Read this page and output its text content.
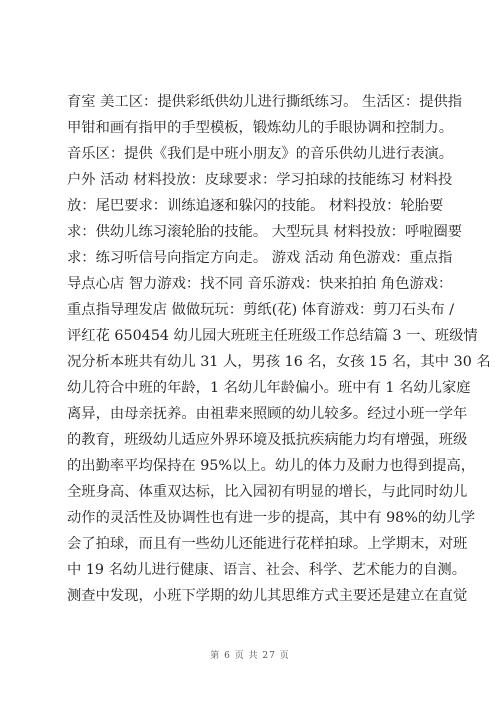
育室 美工区：提供彩纸供幼儿进行撕纸练习。 生活区：提供指
甲钳和画有指甲的手型模板，锻炼幼儿的手眼协调和控制力。
音乐区：提供《我们是中班小朋友》的音乐供幼儿进行表演。
户外 活动 材料投放：皮球要求：学习拍球的技能练习 材料投
放：尾巴要求：训练追逐和躲闪的技能。 材料投放：轮胎要
求：供幼儿练习滚轮胎的技能。 大型玩具 材料投放：呼啦圈要
求：练习听信号向指定方向走。 游戏 活动 角色游戏：重点指
导点心店 智力游戏：找不同 音乐游戏：快来拍拍 角色游戏：
重点指导理发店 做做玩玩：剪纸(花) 体育游戏：剪刀石头布 /
评红花 650454 幼儿园大班班主任班级工作总结篇 3 一、班级情
况分析本班共有幼儿 31 人，男孩 16 名，女孩 15 名，其中 30 名
幼儿符合中班的年龄，1 名幼儿年龄偏小。班中有 1 名幼儿家庭
离异，由母亲抚养。由祖辈来照顾的幼儿较多。经过小班一学年
的教育，班级幼儿适应外界环境及抵抗疾病能力均有增强，班级
的出勤率平均保持在 95%以上。幼儿的体力及耐力也得到提高，
全班身高、体重双达标，比入园初有明显的增长，与此同时幼儿
动作的灵活性及协调性也有进一步的提高，其中有 98%的幼儿学
会了拍球，而且有一些幼儿还能进行花样拍球。上学期末，对班
中 19 名幼儿进行健康、语言、社会、科学、艺术能力的自测。
测查中发现，小班下学期的幼儿其思维方式主要还是建立在直觉
第 6 页 共 27 页
